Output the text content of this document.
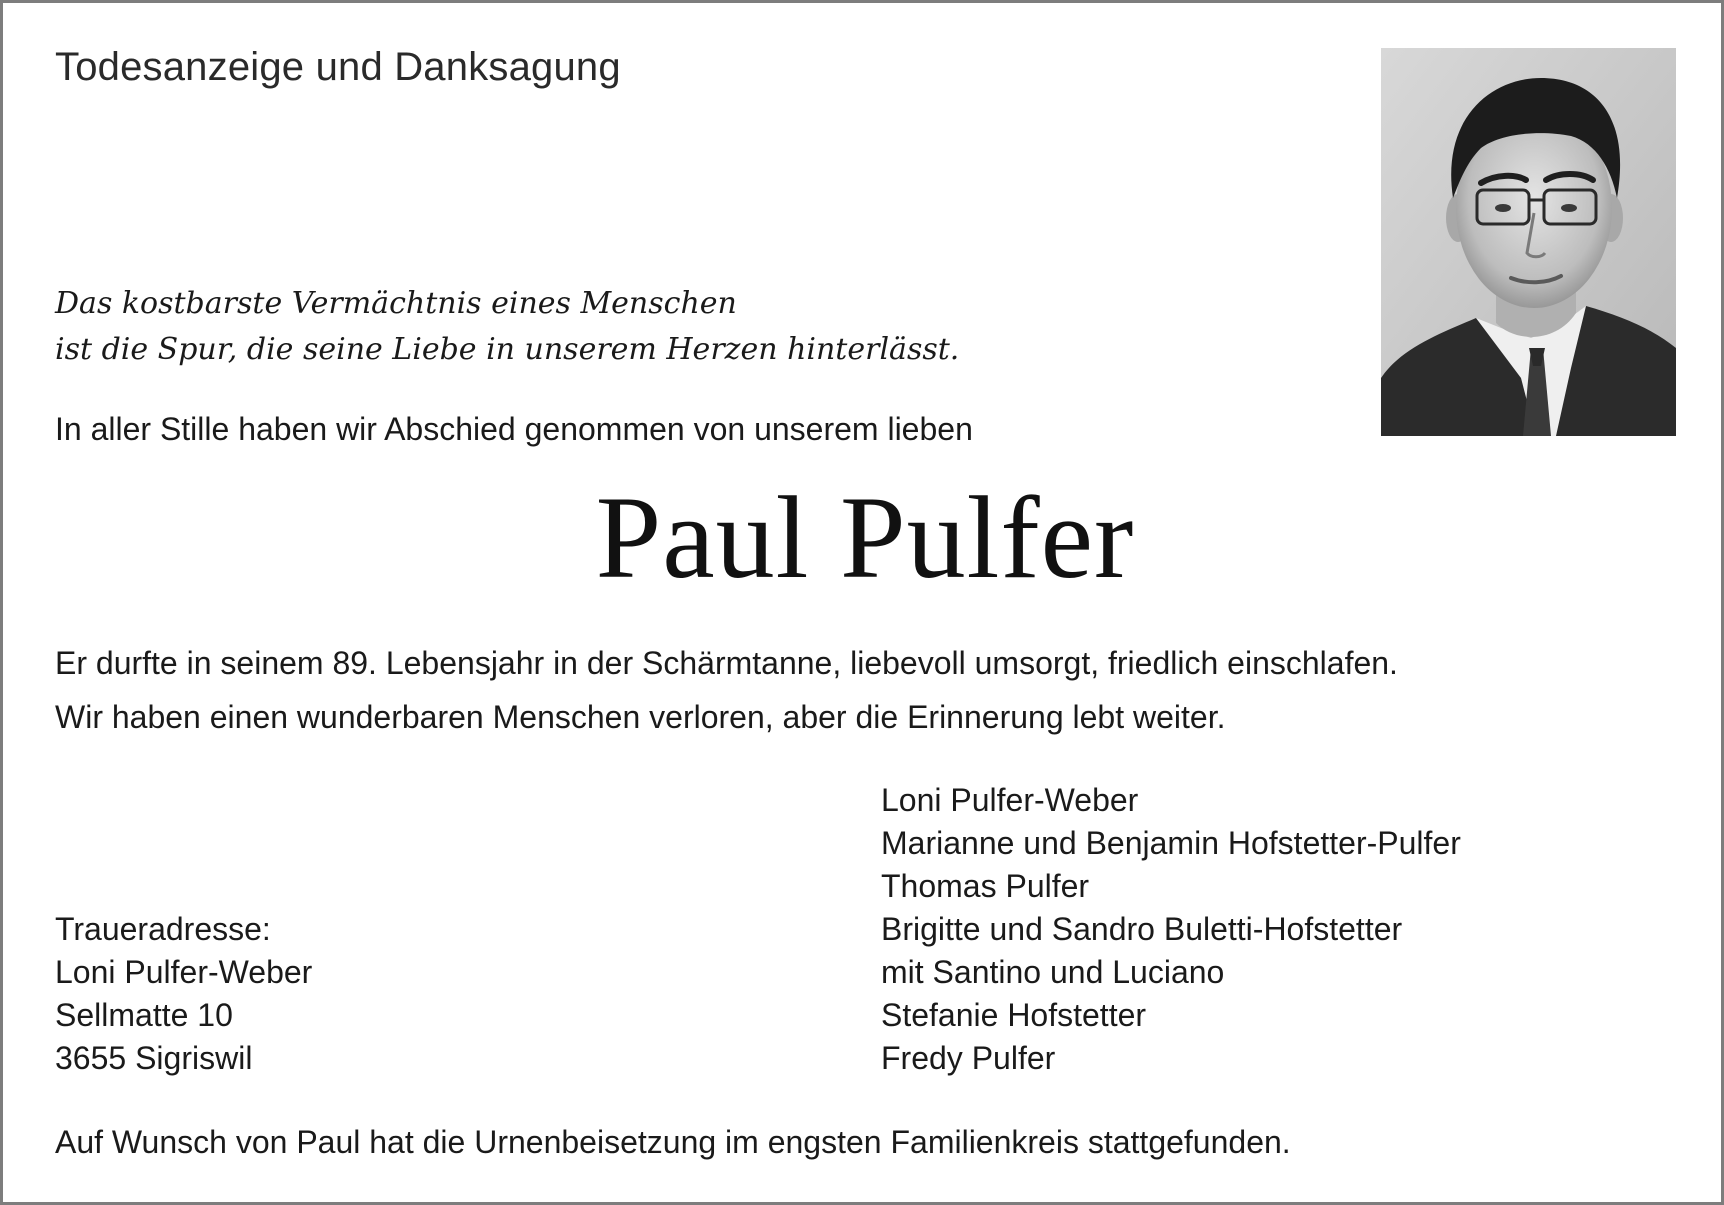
Todesanzeige und Danksagung
Das kostbarste Vermächtnis eines Menschen
ist die Spur, die seine Liebe in unserem Herzen hinterlässt.
In aller Stille haben wir Abschied genommen von unserem lieben
Paul Pulfer
Er durfte in seinem 89. Lebensjahr in der Schärmtanne, liebevoll umsorgt, friedlich einschlafen.
Wir haben einen wunderbaren Menschen verloren, aber die Erinnerung lebt weiter.
Loni Pulfer-Weber
Marianne und Benjamin Hofstetter-Pulfer
Thomas Pulfer
Brigitte und Sandro Buletti-Hofstetter
mit Santino und Luciano
Stefanie Hofstetter
Fredy Pulfer
Traueradresse:
Loni Pulfer-Weber
Sellmatte 10
3655 Sigriswil
Auf Wunsch von Paul hat die Urnenbeisetzung im engsten Familienkreis stattgefunden.
